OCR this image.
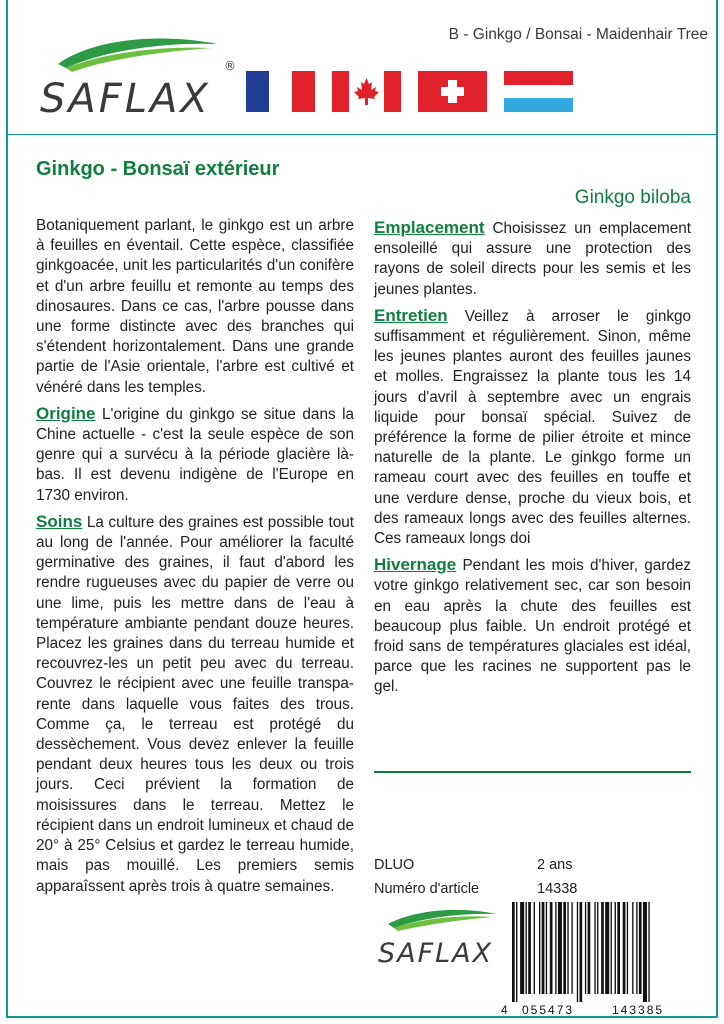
B - Ginkgo / Bonsai - Maidenhair Tree
SAFLAX
®
Ginkgo - Bonsaï extérieur
Ginkgo biloba

Botaniquement parlant, le ginkgo est un arbre à feuilles en éventail. Cette espèce, classifiée ginkgoacée, unit les particularités d'un conifère et d'un arbre feuillu et remonte au temps des dinosaures. Dans ce cas, l'arbre pousse dans une forme distincte avec des branches qui s'étendent horizontalement. Dans une grande partie de l'Asie orientale, l'arbre est cultivé et vénéré dans les temples.

Origine L'origine du ginkgo se situe dans la Chine actuelle - c'est la seule espèce de son genre qui a survécu à la période glacière là-bas. Il est devenu indigène de l'Europe en 1730 environ.

Soins La culture des graines est possible tout au long de l'année. Pour améliorer la faculté germinative des graines, il faut d'abord les rendre rugueuses avec du papier de verre ou une lime, puis les mettre dans de l'eau à température ambiante pendant douze heures. Placez les graines dans du terreau humide et recouvrez-les un petit peu avec du terreau. Couvrez le récipient avec une feuille transparente dans laquelle vous faites des trous. Comme ça, le terreau est protégé du dessèchement. Vous devez enlever la feuille pendant deux heures tous les deux ou trois jours. Ceci prévient la formation de moisissures dans le terreau. Mettez le récipient dans un endroit lumineux et chaud de 20° à 25° Celsius et gardez le terreau humide, mais pas mouillé. Les premiers semis apparaîssent après trois à quatre semaines.

Emplacement Choisissez un emplacement ensoleillé qui assure une protection des rayons de soleil directs pour les semis et les jeunes plantes.

Entretien Veillez à arroser le ginkgo suffisamment et régulièrement. Sinon, même les jeunes plantes auront des feuilles jaunes et molles. Engraissez la plante tous les 14 jours d'avril à septembre avec un engrais liquide pour bonsaï spécial. Suivez de préférence la forme de pilier étroite et mince naturelle de la plante. Le ginkgo forme un rameau court avec des feuilles en touffe et une verdure dense, proche du vieux bois, et des rameaux longs avec des feuilles alternes. Ces rameaux longs doi

Hivernage Pendant les mois d'hiver, gardez votre ginkgo relativement sec, car son besoin en eau après la chute des feuilles est beaucoup plus faible. Un endroit protégé et froid sans de températures glaciales est idéal, parce que les racines ne supportent pas le gel.

DLUO	2 ans
Numéro d'article	14338
SAFLAX
4 055473	143385
